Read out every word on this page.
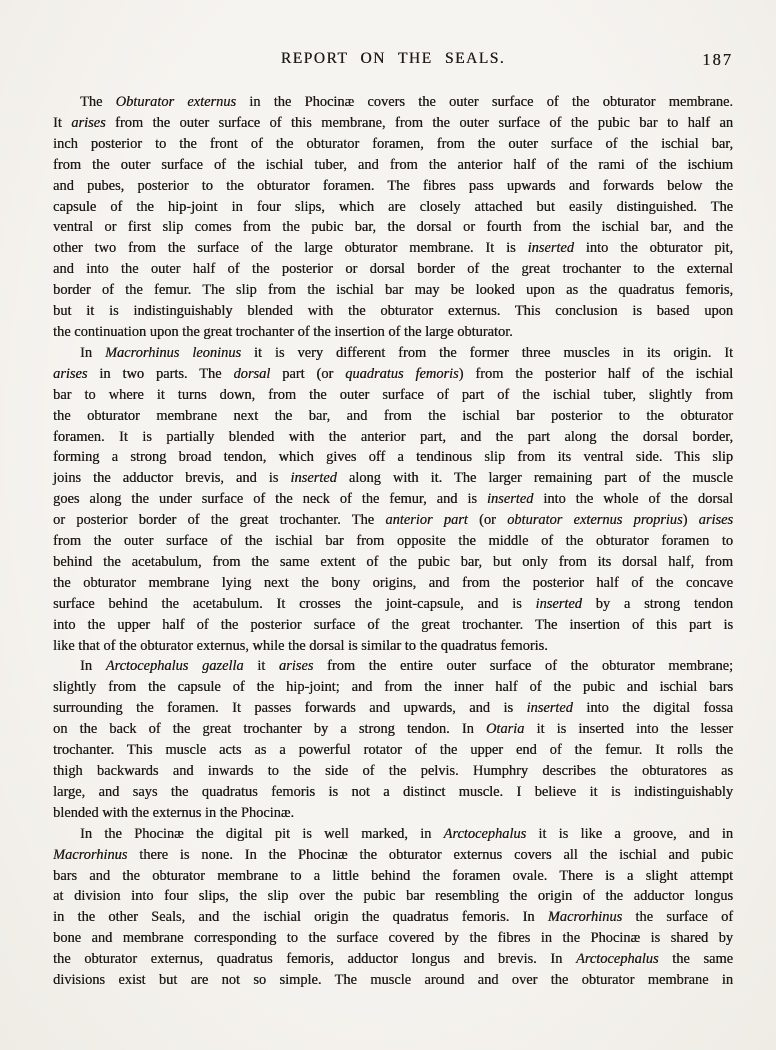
REPORT ON THE SEALS.	187
The Obturator externus in the Phocinæ covers the outer surface of the obturator membrane.
It arises from the outer surface of this membrane, from the outer surface of the pubic bar to half an
inch posterior to the front of the obturator foramen, from the outer surface of the ischial bar,
from the outer surface of the ischial tuber, and from the anterior half of the rami of the ischium
and pubes, posterior to the obturator foramen. The fibres pass upwards and forwards below the
capsule of the hip-joint in four slips, which are closely attached but easily distinguished. The
ventral or first slip comes from the pubic bar, the dorsal or fourth from the ischial bar, and the
other two from the surface of the large obturator membrane. It is inserted into the obturator pit,
and into the outer half of the posterior or dorsal border of the great trochanter to the external
border of the femur. The slip from the ischial bar may be looked upon as the quadratus femoris,
but it is indistinguishably blended with the obturator externus. This conclusion is based upon
the continuation upon the great trochanter of the insertion of the large obturator.
In Macrorhinus leoninus it is very different from the former three muscles in its origin. It
arises in two parts. The dorsal part (or quadratus femoris) from the posterior half of the ischial
bar to where it turns down, from the outer surface of part of the ischial tuber, slightly from
the obturator membrane next the bar, and from the ischial bar posterior to the obturator
foramen. It is partially blended with the anterior part, and the part along the dorsal border,
forming a strong broad tendon, which gives off a tendinous slip from its ventral side. This slip
joins the adductor brevis, and is inserted along with it. The larger remaining part of the muscle
goes along the under surface of the neck of the femur, and is inserted into the whole of the dorsal
or posterior border of the great trochanter. The anterior part (or obturator externus proprius) arises
from the outer surface of the ischial bar from opposite the middle of the obturator foramen to
behind the acetabulum, from the same extent of the pubic bar, but only from its dorsal half, from
the obturator membrane lying next the bony origins, and from the posterior half of the concave
surface behind the acetabulum. It crosses the joint-capsule, and is inserted by a strong tendon
into the upper half of the posterior surface of the great trochanter. The insertion of this part is
like that of the obturator externus, while the dorsal is similar to the quadratus femoris.
In Arctocephalus gazella it arises from the entire outer surface of the obturator membrane;
slightly from the capsule of the hip-joint; and from the inner half of the pubic and ischial bars
surrounding the foramen. It passes forwards and upwards, and is inserted into the digital fossa
on the back of the great trochanter by a strong tendon. In Otaria it is inserted into the lesser
trochanter. This muscle acts as a powerful rotator of the upper end of the femur. It rolls the
thigh backwards and inwards to the side of the pelvis. Humphry describes the obturatores as
large, and says the quadratus femoris is not a distinct muscle. I believe it is indistinguishably
blended with the externus in the Phocinæ.
In the Phocinæ the digital pit is well marked, in Arctocephalus it is like a groove, and in
Macrorhinus there is none. In the Phocinæ the obturator externus covers all the ischial and pubic
bars and the obturator membrane to a little behind the foramen ovale. There is a slight attempt
at division into four slips, the slip over the pubic bar resembling the origin of the adductor longus
in the other Seals, and the ischial origin the quadratus femoris. In Macrorhinus the surface of
bone and membrane corresponding to the surface covered by the fibres in the Phocinæ is shared by
the obturator externus, quadratus femoris, adductor longus and brevis. In Arctocephalus the same
divisions exist but are not so simple. The muscle around and over the obturator membrane in
